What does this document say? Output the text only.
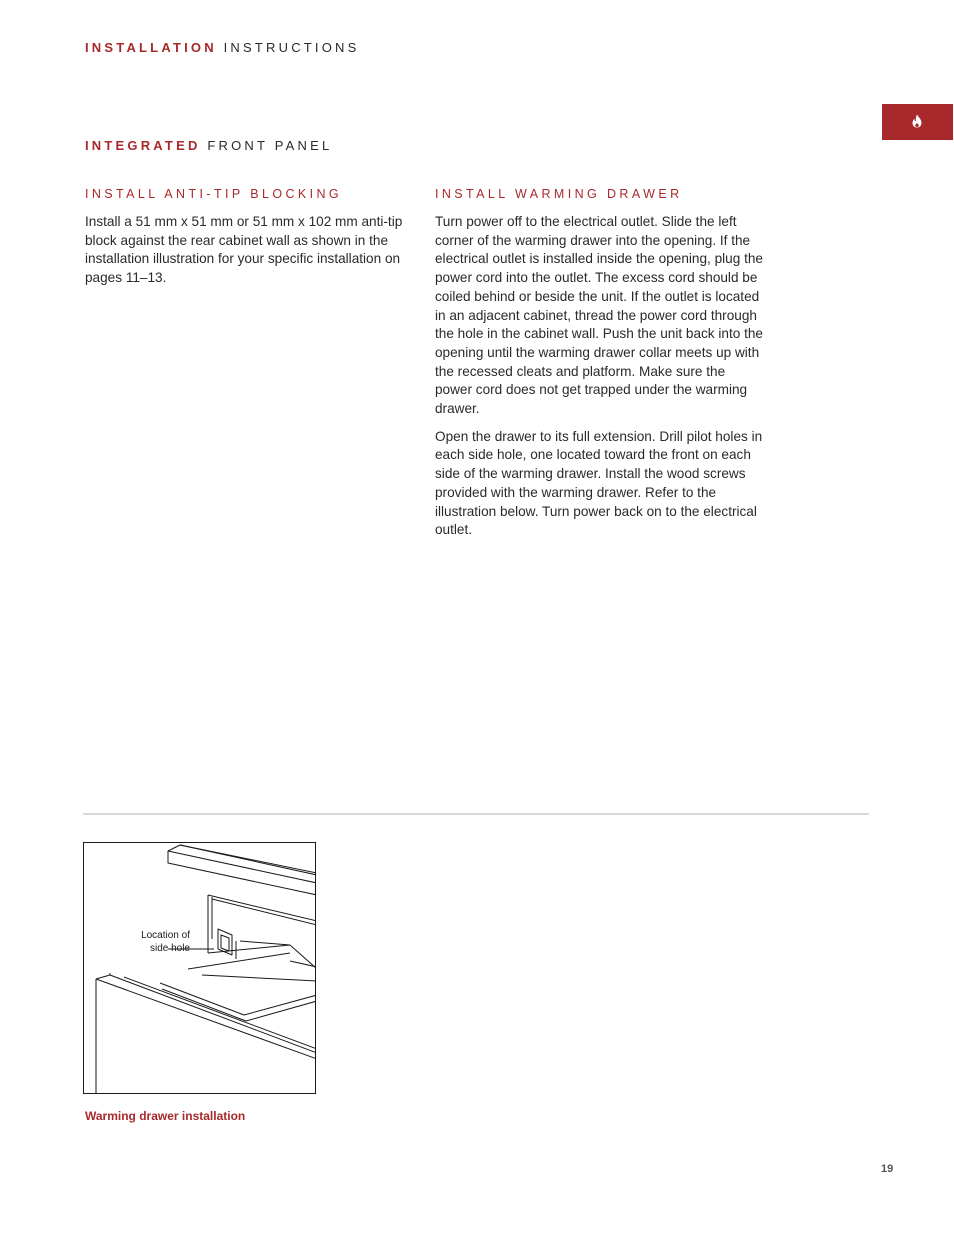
INSTALLATION INSTRUCTIONS
INTEGRATED FRONT PANEL
INSTALL ANTI-TIP BLOCKING

Install a 51 mm x 51 mm or 51 mm x 102 mm anti-tip block against the rear cabinet wall as shown in the installation illustration for your specific installation on pages 11–13.

INSTALL WARMING DRAWER

Turn power off to the electrical outlet. Slide the left corner of the warming drawer into the opening. If the electrical outlet is installed inside the opening, plug the power cord into the outlet. The excess cord should be coiled behind or beside the unit. If the outlet is located in an adjacent cabinet, thread the power cord through the hole in the cabinet wall. Push the unit back into the opening until the warming drawer collar meets up with the recessed cleats and platform. Make sure the power cord does not get trapped under the warming drawer.

Open the drawer to its full extension. Drill pilot holes in each side hole, one located toward the front on each side of the warming drawer. Install the wood screws provided with the warming drawer. Refer to the illustration below. Turn power back on to the electrical outlet.

Location of
side hole
Warming drawer installation
19
